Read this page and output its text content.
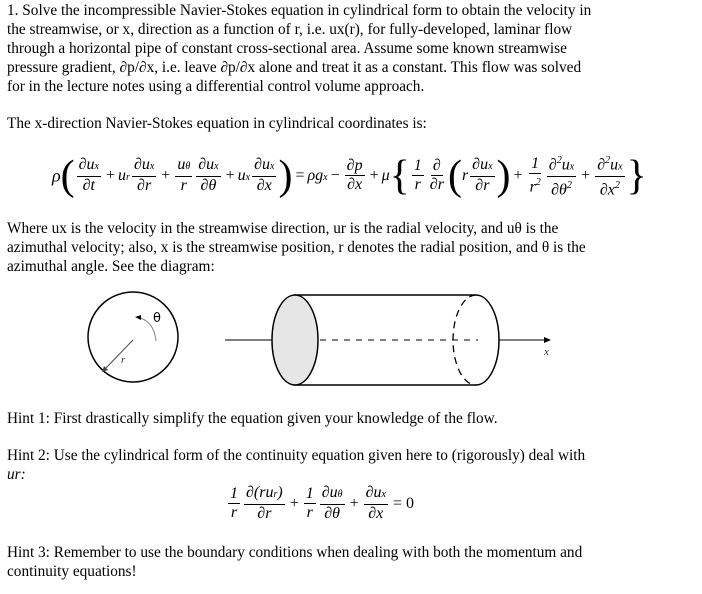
1. Solve the incompressible Navier-Stokes equation in cylindrical form to obtain the velocity in
the streamwise, or x, direction as a function of r, i.e. ux(r), for fully-developed, laminar flow
through a horizontal pipe of constant cross-sectional area. Assume some known streamwise
pressure gradient, ∂p/∂x, i.e. leave ∂p/∂x alone and treat it as a constant. This flow was solved
for in the lecture notes using a differential control volume approach.
The x-direction Navier-Stokes equation in cylindrical coordinates is:
$\rho( \frac{\partial ux}{\partial t}$ + ur $\frac{\partial ux}{\partial r} + \frac{u\theta}{r} \frac{\partial ux}{\partial\theta}$ + ux $\frac{\partial ux}{\partial x}$ ) = $\rho gx - \frac{\partial p}{\partial x} + \mu\{ \frac{1}{r} \frac{\partial}{\partial r} (r \frac{\partial ux}{\partial r}$ ) + $\frac{1}{r^2} \frac{\partial^2ux}{\partial\theta^2} + \frac{\partial^2ux}{\partial x^2}$ }
Where ux is the velocity in the streamwise direction, ur is the radial velocity, and uθ is the
azimuthal velocity; also, x is the streamwise position, r denotes the radial position, and θ is the
azimuthal angle. See the diagram:
θ
r
x
Hint 1: First drastically simplify the equation given your knowledge of the flow.
Hint 2: Use the cylindrical form of the continuity equation given here to (rigorously) deal with
ur:
$\frac{1}{r} \frac{\text{∂(rur)}}{\partial r} + \frac{1}{r} \frac{\partial u\theta}{\partial\theta} + \frac{\partial ux}{\partial x} = 0$
Hint 3: Remember to use the boundary conditions when dealing with both the momentum and
continuity equations!
